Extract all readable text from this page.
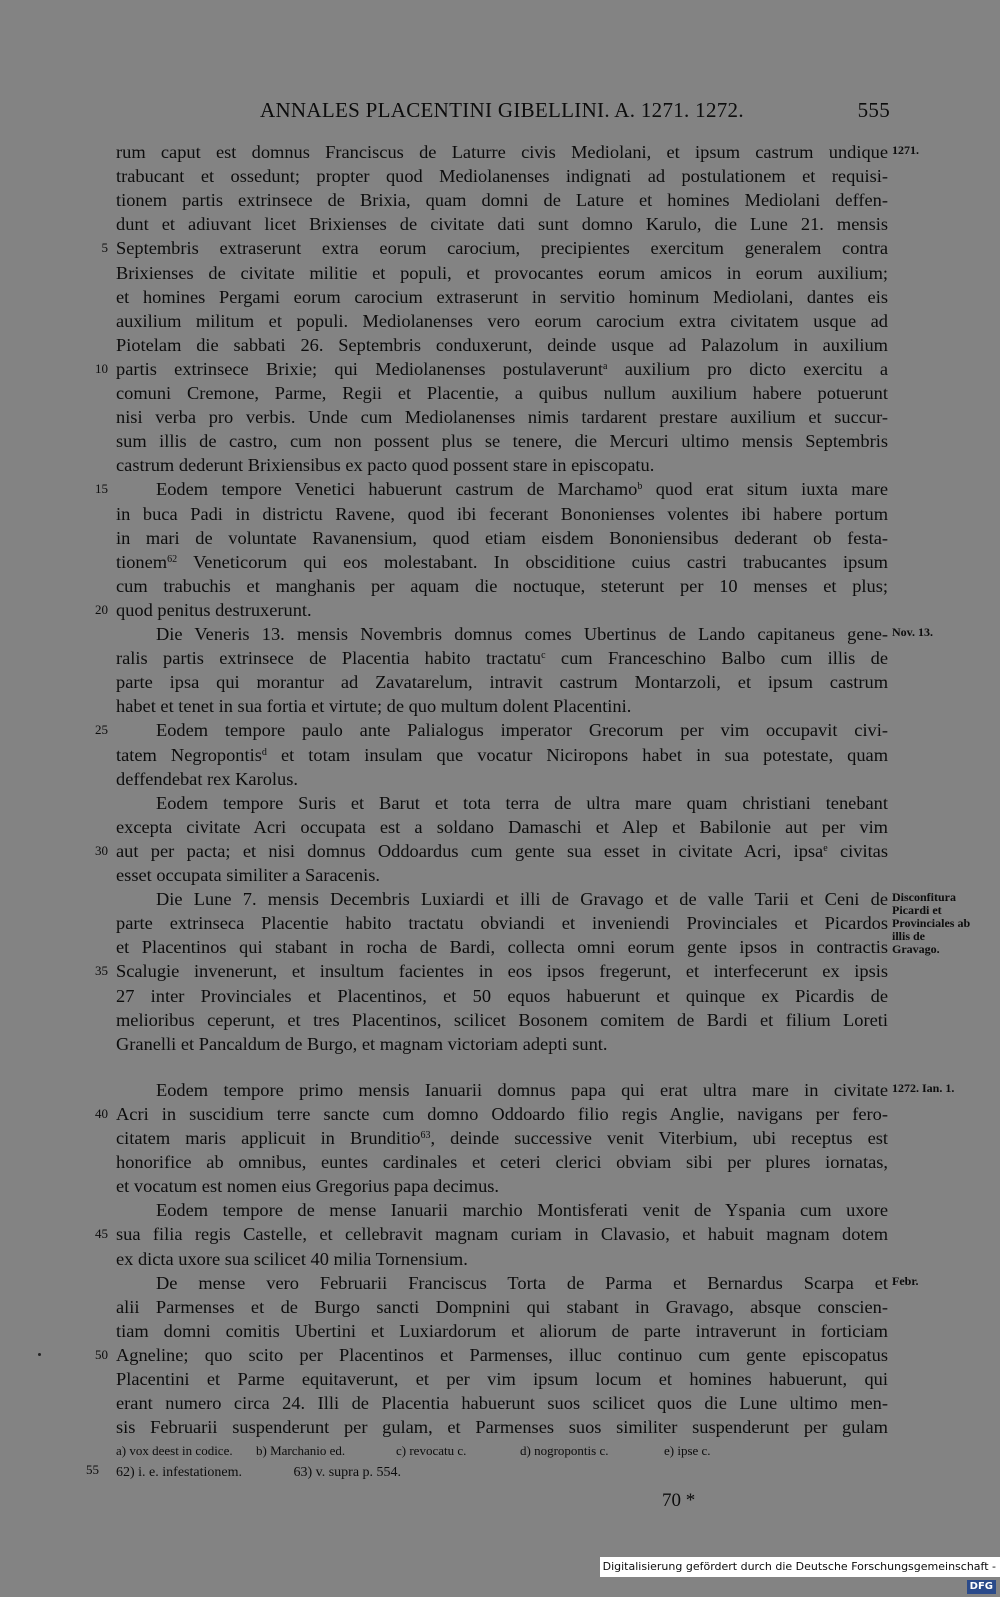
ANNALES PLACENTINI GIBELLINI. A. 1271. 1272.	555
rum caput est domnus Franciscus de Laturre civis Mediolani, et ipsum castrum undique 1271.
trabucant et ossedunt; propter quod Mediolanenses indignati ad postulationem et requisi-
tionem partis extrinsece de Brixia, quam domni de Lature et homines Mediolani deffen-
dunt et adiuvant licet Brixienses de civitate dati sunt domno Karulo, die Lune 21. mensis
Septembris extraserunt extra eorum carocium, precipientes exercitum generalem contra
5
Brixienses de civitate militie et populi, et provocantes eorum amicos in eorum auxilium;
et homines Pergami eorum carocium extraserunt in servitio hominum Mediolani, dantes eis
auxilium militum et populi. Mediolanenses vero eorum carocium extra civitatem usque ad
Piotelam die sabbati 26. Septembris conduxerunt, deinde usque ad Palazolum in auxilium
partis extrinsece Brixie; qui Mediolanenses postulaverunt$^a$ auxilium pro dicto exercitu a
10
comuni Cremone, Parme, Regii et Placentie, a quibus nullum auxilium habere potuerunt
nisi verba pro verbis. Unde cum Mediolanenses nimis tardarent prestare auxilium et succur-
sum illis de castro, cum non possent plus se tenere, die Mercuri ultimo mensis Septembris
castrum dederunt Brixiensibus ex pacto quod possent stare in episcopatu.
Eodem tempore Venetici habuerunt castrum de Marchamo$^b$ quod erat situm iuxta mare
15
in buca Padi in districtu Ravene, quod ibi fecerant Bononienses volentes ibi habere portum
in mari de voluntate Ravanensium, quod etiam eisdem Bononiensibus dederant ob festa-
tionem$^{62}$ Veneticorum qui eos molestabant. In obsciditione cuius castri trabucantes ipsum
cum trabuchis et manghanis per aquam die noctuque, steterunt per 10 menses et plus;
quod penitus destruxerunt.
20
Die Veneris 13. mensis Novembris domnus comes Ubertinus de Lando capitaneus gene- Nov. 13.
ralis partis extrinsece de Placentia habito tractatu$^c$ cum Franceschino Balbo cum illis de
parte ipsa qui morantur ad Zavatarelum, intravit castrum Montarzoli, et ipsum castrum
habet et tenet in sua fortia et virtute; de quo multum dolent Placentini.
Eodem tempore paulo ante Palialogus imperator Grecorum per vim occupavit civi-
25
tatem Negropontis$^d$ et totam insulam que vocatur Niciropons habet in sua potestate, quam
deffendebat rex Karolus.
Eodem tempore Suris et Barut et tota terra de ultra mare quam christiani tenebant
excepta civitate Acri occupata est a soldano Damaschi et Alep et Babilonie aut per vim
aut per pacta; et nisi domnus Oddoardus cum gente sua esset in civitate Acri, ipsa$^e$ civitas
30
esset occupata similiter a Saracenis.
Die Lune 7. mensis Decembris Luxiardi et illi de Gravago et de valle Tarii et Ceni de Disconfitura Picardi et Provinciales ab illis de Gravago.
parte extrinseca Placentie habito tractatu obviandi et inveniendi Provinciales et Picardos
et Placentinos qui stabant in rocha de Bardi, collecta omni eorum gente ipsos in contractis
Scalugie invenerunt, et insultum facientes in eos ipsos fregerunt, et interfecerunt ex ipsis
35
27 inter Provinciales et Placentinos, et 50 equos habuerunt et quinque ex Picardis de
melioribus ceperunt, et tres Placentinos, scilicet Bosonem comitem de Bardi et filium Loreti
Granelli et Pancaldum de Burgo, et magnam victoriam adepti sunt.
Eodem tempore primo mensis Ianuarii domnus papa qui erat ultra mare in civitate 1272. Ian. 1.
Acri in suscidium terre sancte cum domno Oddoardo filio regis Anglie, navigans per fero-
40
citatem maris applicuit in Brunditio$^{63}$, deinde successive venit Viterbium, ubi receptus est
honorifice ab omnibus, euntes cardinales et ceteri clerici obviam sibi per plures iornatas,
et vocatum est nomen eius Gregorius papa decimus.
Eodem tempore de mense Ianuarii marchio Montisferati venit de Yspania cum uxore
sua filia regis Castelle, et cellebravit magnam curiam in Clavasio, et habuit magnam dotem
45
ex dicta uxore sua scilicet 40 milia Tornensium.
De mense vero Februarii Franciscus Torta de Parma et Bernardus Scarpa et Febr.
alii Parmenses et de Burgo sancti Dompnini qui stabant in Gravago, absque conscien-
tiam domni comitis Ubertini et Luxiardorum et aliorum de parte intraverunt in forticiam
Agneline; quo scito per Placentinos et Parmenses, illuc continuo cum gente episcopatus
50
Placentini et Parme equitaverunt, et per vim ipsum locum et homines habuerunt, qui
erant numero circa 24. Illi de Placentia habuerunt suos scilicet quos die Lune ultimo men-
sis Februarii suspenderunt per gulam, et Parmenses suos similiter suspenderunt per gulam
a) vox deest in codice. b) Marchanio ed.	c) revocatu c.	d) nogropontis c.	e) ipse c.
55 62) i. e. infestationem.	63) v. supra p. 554.
70 *
Digitalisierung gefördert durch die Deutsche Forschungsgemeinschaft - DFG
